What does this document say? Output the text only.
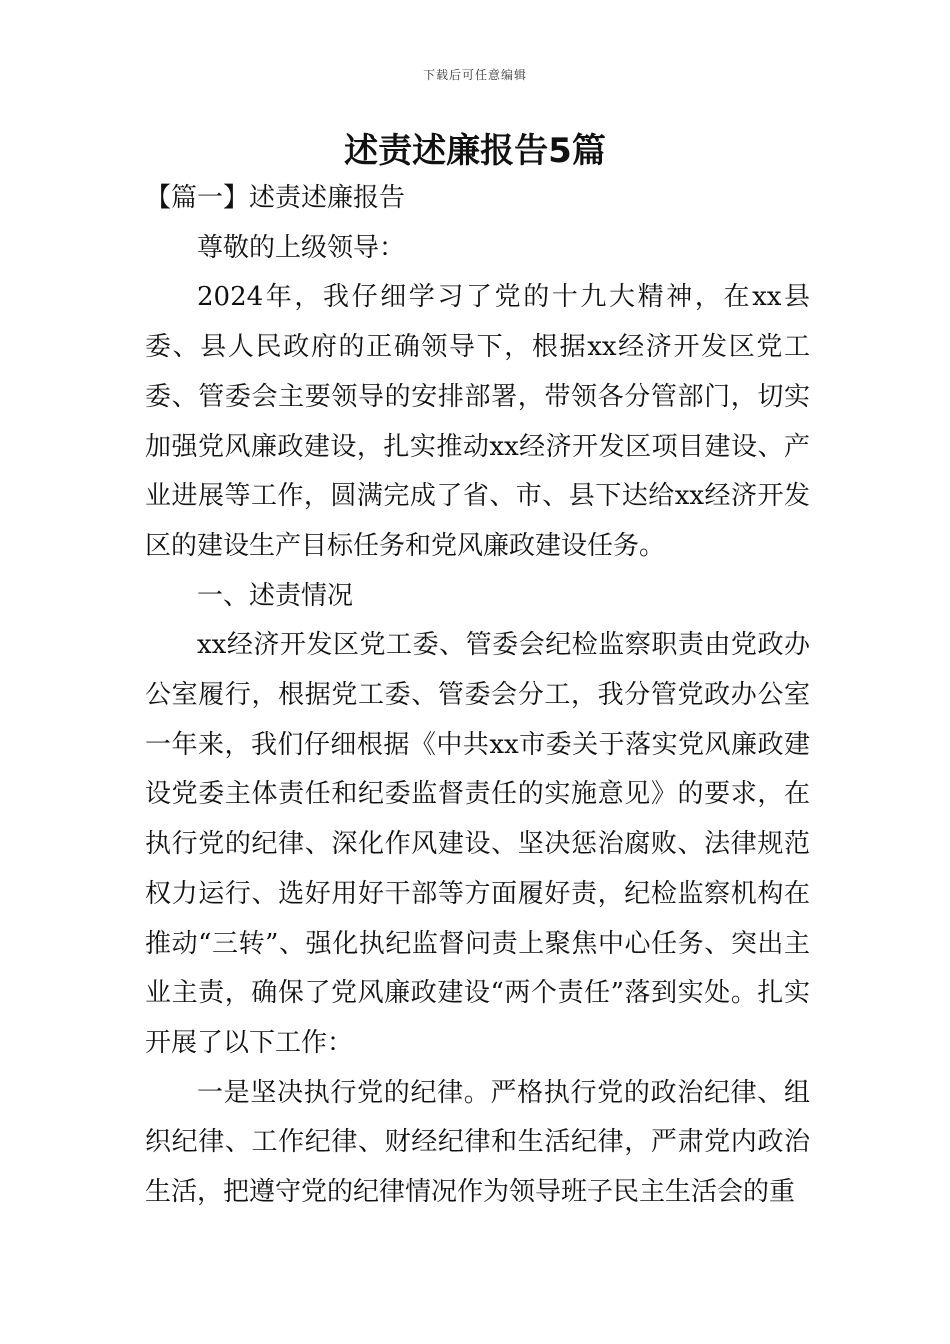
下载后可任意编辑
述责述廉报告5篇

【篇一】述责述廉报告

尊敬的上级领导：

2024年，我仔细学习了党的十九大精神，在xx县委、县人民政府的正确领导下，根据xx经济开发区党工委、管委会主要领导的安排部署，带领各分管部门，切实加强党风廉政建设，扎实推动xx经济开发区项目建设、产业进展等工作，圆满完成了省、市、县下达给xx经济开发区的建设生产目标任务和党风廉政建设任务。

一、述责情况

xx经济开发区党工委、管委会纪检监察职责由党政办公室履行，根据党工委、管委会分工，我分管党政办公室一年来，我们仔细根据《中共xx市委关于落实党风廉政建设党委主体责任和纪委监督责任的实施意见》的要求，在执行党的纪律、深化作风建设、坚决惩治腐败、法律规范权力运行、选好用好干部等方面履好责，纪检监察机构在推动“三转”、强化执纪监督问责上聚焦中心任务、突出主业主责，确保了党风廉政建设“两个责任”落到实处。扎实开展了以下工作：

一是坚决执行党的纪律。严格执行党的政治纪律、组织纪律、工作纪律、财经纪律和生活纪律，严肃党内政治生活，把遵守党的纪律情况作为领导班子民主生活会的重
